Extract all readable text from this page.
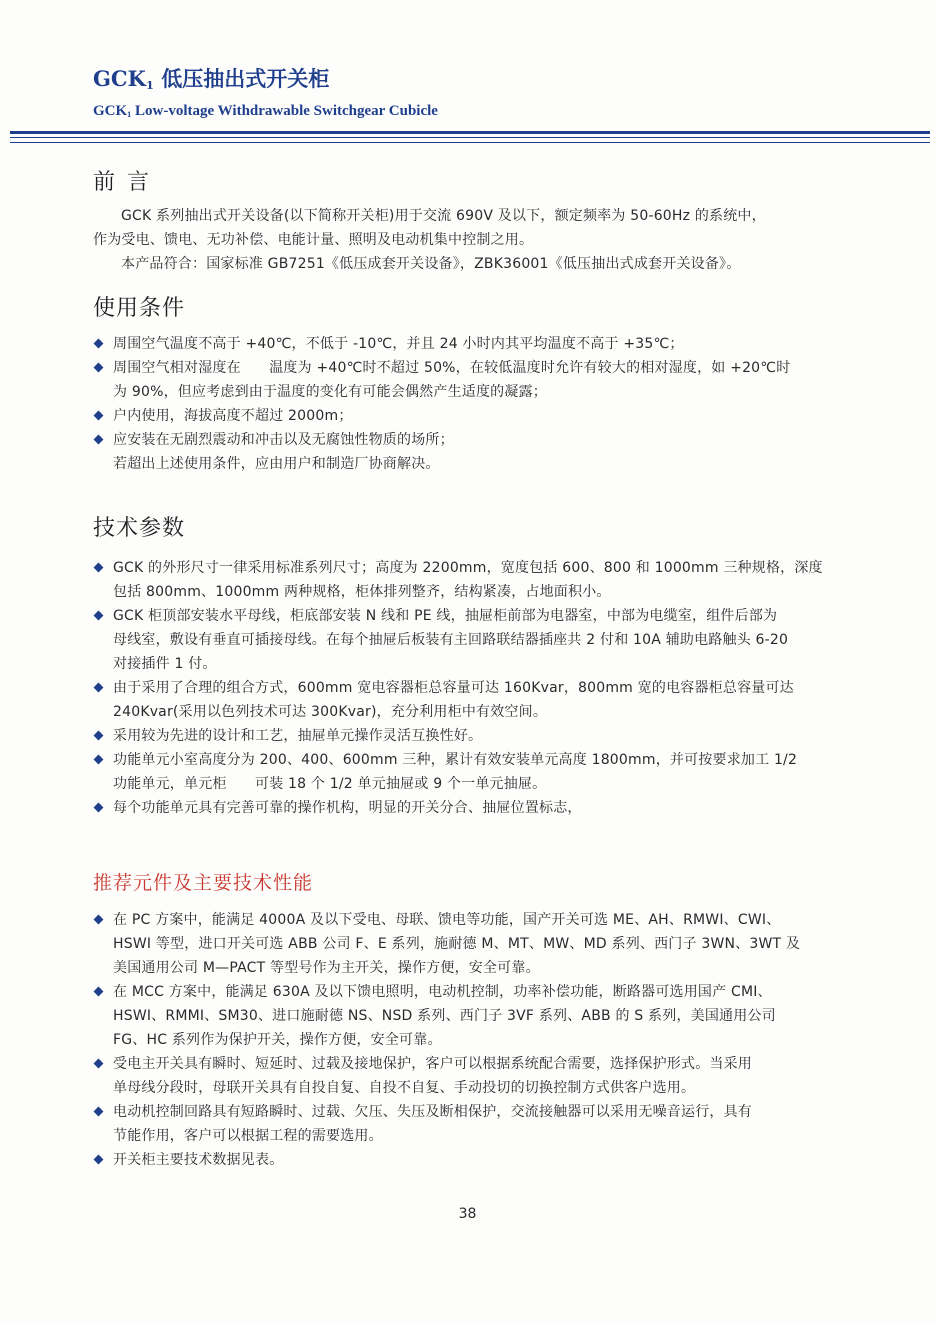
$GCK_1$ 低压抽出式开关柜
$GCK_1$ Low-voltage Withdrawable Switchgear Cubicle
前言
GCK 系列抽出式开关设备(以下简称开关柜)用于交流 690V 及以下，额定频率为 50-60Hz 的系统中，
作为受电、馈电、无功补偿、电能计量、照明及电动机集中控制之用。
本产品符合：国家标准 GB7251《低压成套开关设备》，ZBK36001《低压抽出式成套开关设备》。
使用条件
周围空气温度不高于 +40℃，不低于 -10℃，并且 24 小时内其平均温度不高于 +35℃；
周围空气相对湿度在　　温度为 +40℃时不超过 50%，在较低温度时允许有较大的相对湿度，如 +20℃时
为 90%，但应考虑到由于温度的变化有可能会偶然产生适度的凝露；
户内使用，海拔高度不超过 2000m；
应安装在无剧烈震动和冲击以及无腐蚀性物质的场所；
若超出上述使用条件，应由用户和制造厂协商解决。
技术参数
GCK 的外形尺寸一律采用标准系列尺寸；高度为 2200mm，宽度包括 600、800 和 1000mm 三种规格，深度
包括 800mm、1000mm 两种规格，柜体排列整齐，结构紧凑，占地面积小。
GCK 柜顶部安装水平母线，柜底部安装 N 线和 PE 线，抽屉柜前部为电器室，中部为电缆室，组件后部为
母线室，敷设有垂直可插接母线。在每个抽屉后板装有主回路联结器插座共 2 付和 10A 辅助电路触头 6-20
对接插件 1 付。
由于采用了合理的组合方式，600mm 宽电容器柜总容量可达 160Kvar，800mm 宽的电容器柜总容量可达
240Kvar(采用以色列技术可达 300Kvar)，充分利用柜中有效空间。
采用较为先进的设计和工艺，抽屉单元操作灵活互换性好。
功能单元小室高度分为 200、400、600mm 三种，累计有效安装单元高度 1800mm，并可按要求加工 1/2
功能单元，单元柜　　可装 18 个 1/2 单元抽屉或 9 个一单元抽屉。
每个功能单元具有完善可靠的操作机构，明显的开关分合、抽屉位置标志，
推荐元件及主要技术性能
在 PC 方案中，能满足 4000A 及以下受电、母联、馈电等功能，国产开关可选 ME、AH、RMWI、CWI、
HSWI 等型，进口开关可选 ABB 公司 F、E 系列，施耐德 M、MT、MW、MD 系列、西门子 3WN、3WT 及
美国通用公司 M—PACT 等型号作为主开关，操作方便，安全可靠。
在 MCC 方案中，能满足 630A 及以下馈电照明，电动机控制，功率补偿功能，断路器可选用国产 CMI、
HSWI、RMMI、SM30、进口施耐德 NS、NSD 系列、西门子 3VF 系列、ABB 的 S 系列，美国通用公司
FG、HC 系列作为保护开关，操作方便，安全可靠。
受电主开关具有瞬时、短延时、过载及接地保护，客户可以根据系统配合需要，选择保护形式。当采用
单母线分段时，母联开关具有自投自复、自投不自复、手动投切的切换控制方式供客户选用。
电动机控制回路具有短路瞬时、过载、欠压、失压及断相保护，交流接触器可以采用无噪音运行，具有
节能作用，客户可以根据工程的需要选用。
开关柜主要技术数据见表。
38
